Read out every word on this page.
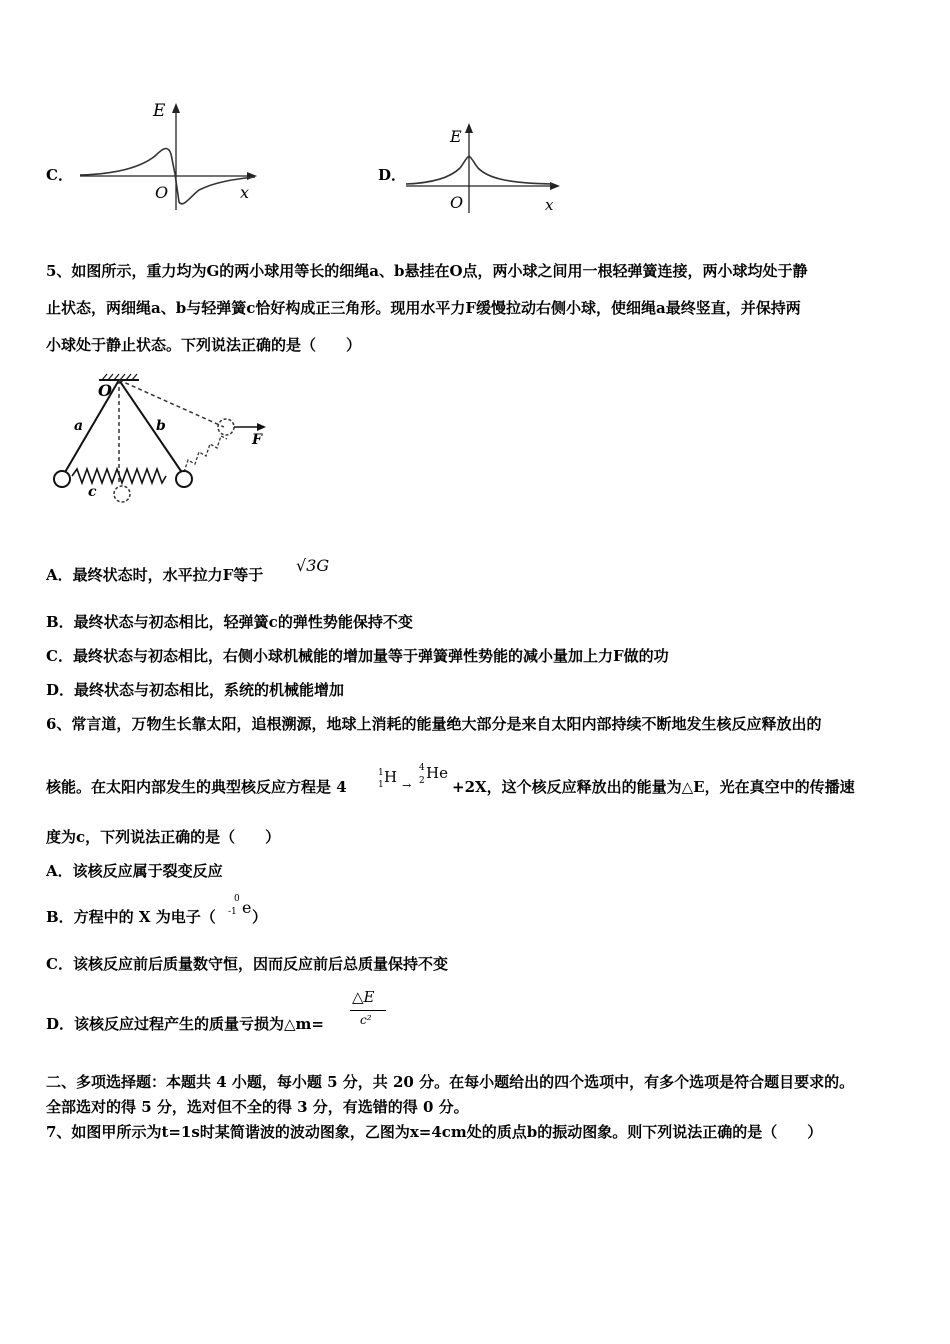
C．
E
O	x
D．
E
O	x
5、如图所示，重力均为G的两小球用等长的细绳a、b悬挂在O点，两小球之间用一根轻弹簧连接，两小球均处于静
止状态，两细绳a、b与轻弹簧c恰好构成正三角形。现用水平力F缓慢拉动右侧小球，使细绳a最终竖直，并保持两
小球处于静止状态。下列说法正确的是（　　）
O
a	b
c
F
A．最终状态时，水平拉力F等于 √3G
B．最终状态与初态相比，轻弹簧c的弹性势能保持不变
C．最终状态与初态相比，右侧小球机械能的增加量等于弹簧弹性势能的减小量加上力F做的功
D．最终状态与初态相比，系统的机械能增加
6、常言道，万物生长靠太阳，追根溯源，地球上消耗的能量绝大部分是来自太阳内部持续不断地发生核反应释放出的
核能。在太阳内部发生的典型核反应方程是 4
1
1 H →
4
2 He
+2X，这个核反应释放出的能量为△E，光在真空中的传播速
度为c，下列说法正确的是（　　）
A．该核反应属于裂变反应
B．方程中的 X 为电子（
0
-1 e ）
C．该核反应前后质量数守恒，因而反应前后总质量保持不变
D．该核反应过程产生的质量亏损为△m=
△E
c²
二、多项选择题：本题共 4 小题，每小题 5 分，共 20 分。在每小题给出的四个选项中，有多个选项是符合题目要求的。
全部选对的得 5 分，选对但不全的得 3 分，有选错的得 0 分。
7、如图甲所示为t=1s时某简谐波的波动图象，乙图为x=4cm处的质点b的振动图象。则下列说法正确的是（　　）
